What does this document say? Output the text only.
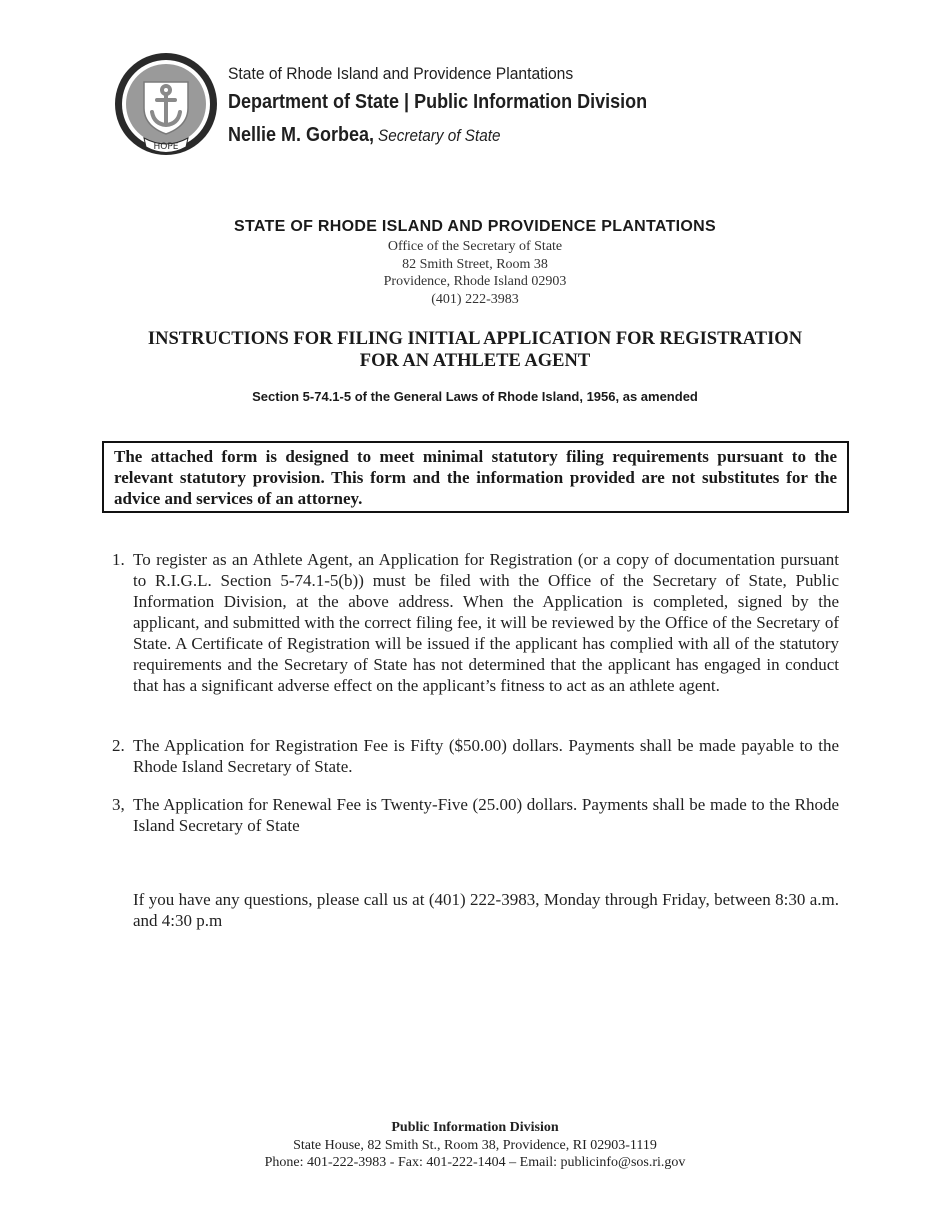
HOPE
State of Rhode Island and Providence Plantations
Department of State | Public Information Division
Nellie M. Gorbea, Secretary of State
STATE OF RHODE ISLAND AND PROVIDENCE PLANTATIONS
Office of the Secretary of State
82 Smith Street, Room 38
Providence, Rhode Island 02903
(401) 222-3983
INSTRUCTIONS FOR FILING INITIAL APPLICATION FOR REGISTRATION
FOR AN ATHLETE AGENT
Section 5-74.1-5 of the General Laws of Rhode Island, 1956, as amended
The attached form is designed to meet minimal statutory filing requirements pursuant to the relevant statutory provision. This form and the information provided are not substitutes for the advice and services of an attorney.
1. To register as an Athlete Agent, an Application for Registration (or a copy of documentation pursuant to R.I.G.L. Section 5-74.1-5(b)) must be filed with the Office of the Secretary of State, Public Information Division, at the above address. When the Application is completed, signed by the applicant, and submitted with the correct filing fee, it will be reviewed by the Office of the Secretary of State. A Certificate of Registration will be issued if the applicant has complied with all of the statutory requirements and the Secretary of State has not determined that the applicant has engaged in conduct that has a significant adverse effect on the applicant’s fitness to act as an athlete agent.
2. The Application for Registration Fee is Fifty ($50.00) dollars. Payments shall be made payable to the Rhode Island Secretary of State.
3, The Application for Renewal Fee is Twenty-Five (25.00) dollars. Payments shall be made to the Rhode Island Secretary of State
If you have any questions, please call us at (401) 222-3983, Monday through Friday, between 8:30 a.m. and 4:30 p.m
Public Information Division
State House, 82 Smith St., Room 38, Providence, RI 02903-1119
Phone: 401-222-3983 - Fax: 401-222-1404 – Email: publicinfo@sos.ri.gov
